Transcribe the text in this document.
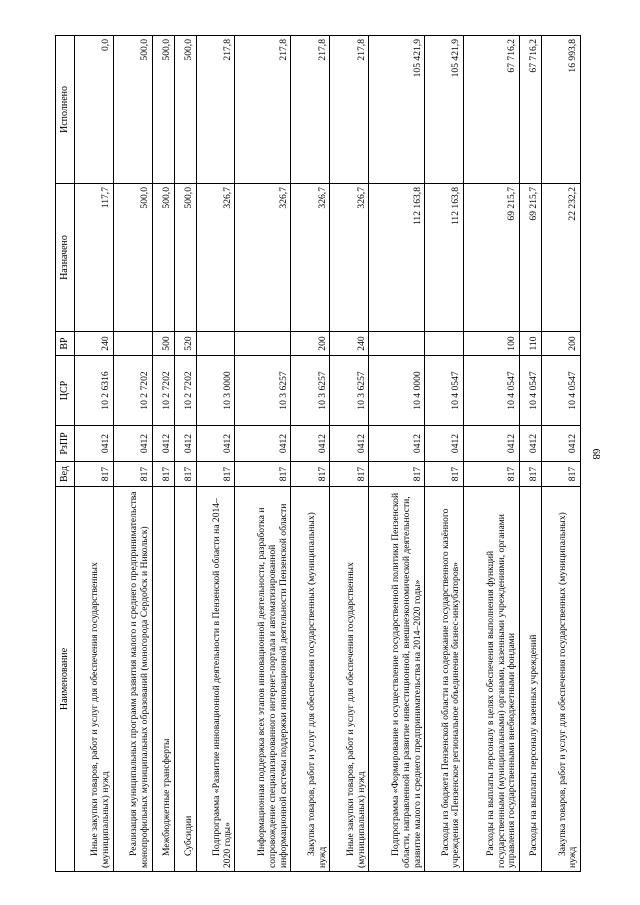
68
Наименование	Вед	РзПР	ЦСР	ВР	Назначено	Исполнено

Иные закупки товаров, работ и услуг для обеспечения государственных (муниципальных) нужд	817	0412	10 2 6316	240	117,7	0,0

Реализация муниципальных программ развития малого и среднего предпринимательства монопрофильных муниципальных образований (моногорода Сердобск и Никольск)	817	0412	10 2 7202		500,0	500,0

Межбюджетные трансферты	817	0412	10 2 7202	500	500,0	500,0

Субсидии	817	0412	10 2 7202	520	500,0	500,0

Подпрограмма «Развитие инновационной деятельности в Пензенской области на 2014–2020 годы»	817	0412	10 3 0000		326,7	217,8

Информационная поддержка всех этапов инновационной деятельности, разработка и сопровождение специализированного интернет-портала и автоматизированной информационной системы поддержки инновационной деятельности Пензенской области	817	0412	10 3 6257		326,7	217,8

Закупка товаров, работ и услуг для обеспечения государственных (муниципальных) нужд	817	0412	10 3 6257	200	326,7	217,8

Иные закупки товаров, работ и услуг для обеспечения государственных (муниципальных) нужд	817	0412	10 3 6257	240	326,7	217,8

Подпрограмма «Формирование и осуществление государственной политики Пензенской области, направленной на развитие инвестиционной, внешнеэкономической деятельности, развитие малого и среднего предпринимательства на 2014–2020 годы»	817	0412	10 4 0000		112 163,8	105 421,9

Расходы из бюджета Пензенской области на содержание государственного казённого учреждения «Пензенское региональное объединение бизнес-инкубаторов»	817	0412	10 4 0547		112 163,8	105 421,9

Расходы на выплаты персоналу в целях обеспечения выполнения функций государственными (муниципальными) органами, казенными учреждениями, органами управления государственными внебюджетными фондами	817	0412	10 4 0547	100	69 215,7	67 716,2

Расходы на выплаты персоналу казенных учреждений	817	0412	10 4 0547	110	69 215,7	67 716,2

Закупка товаров, работ и услуг для обеспечения государственных (муниципальных) нужд	817	0412	10 4 0547	200	22 232,2	16 993,8
